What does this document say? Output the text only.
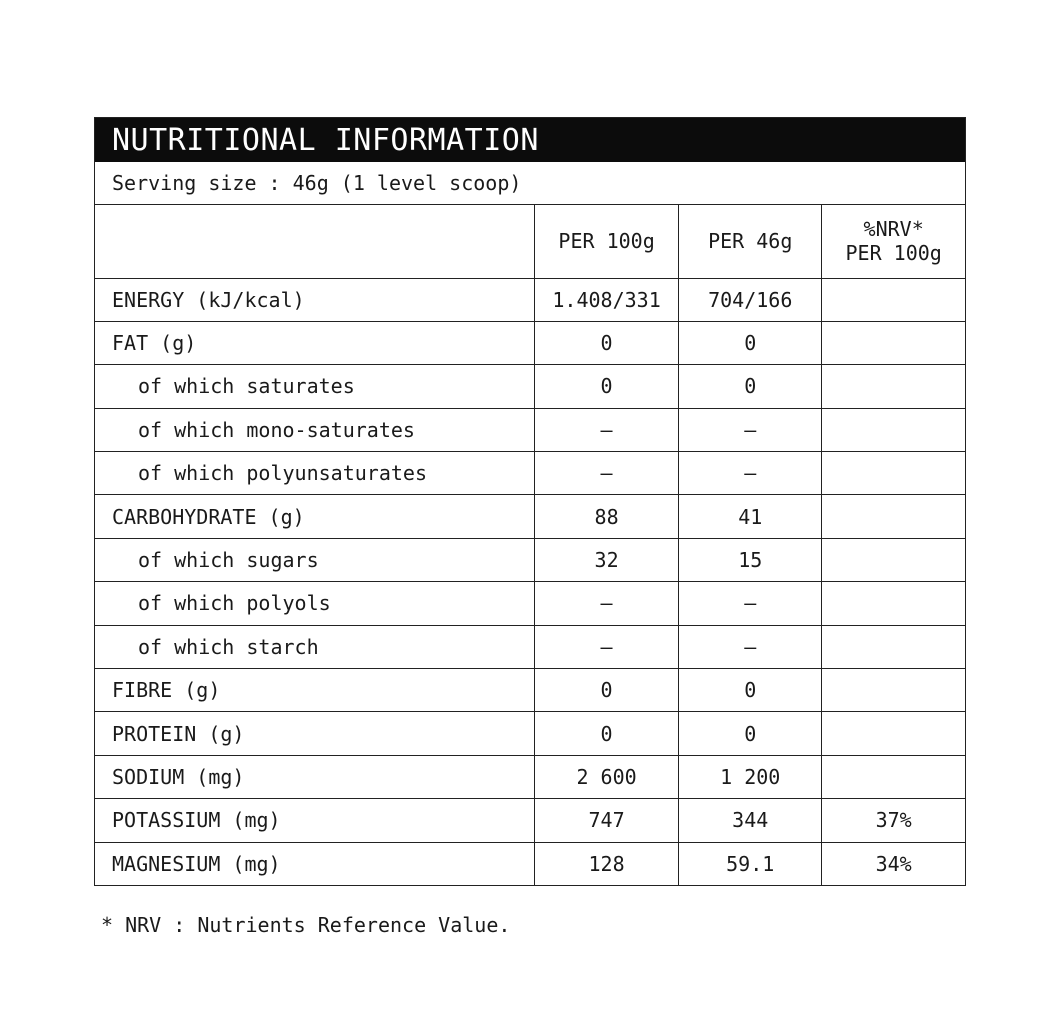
NUTRITIONAL INFORMATION
Serving size : 46g (1 level scoop)
	PER 100g	PER 46g	%NRV*
PER 100g

ENERGY (kJ/kcal)	1.408/331	704/166	
FAT (g)	0	0	
of which saturates	0	0	
of which mono-saturates	–	–	
of which polyunsaturates	–	–	
CARBOHYDRATE (g)	88	41	
of which sugars	32	15	
of which polyols	–	–	
of which starch	–	–	
FIBRE (g)	0	0	
PROTEIN (g)	0	0	
SODIUM (mg)	2 600	1 200	
POTASSIUM (mg)	747	344	37%
MAGNESIUM (mg)	128	59.1	34%
* NRV : Nutrients Reference Value.
